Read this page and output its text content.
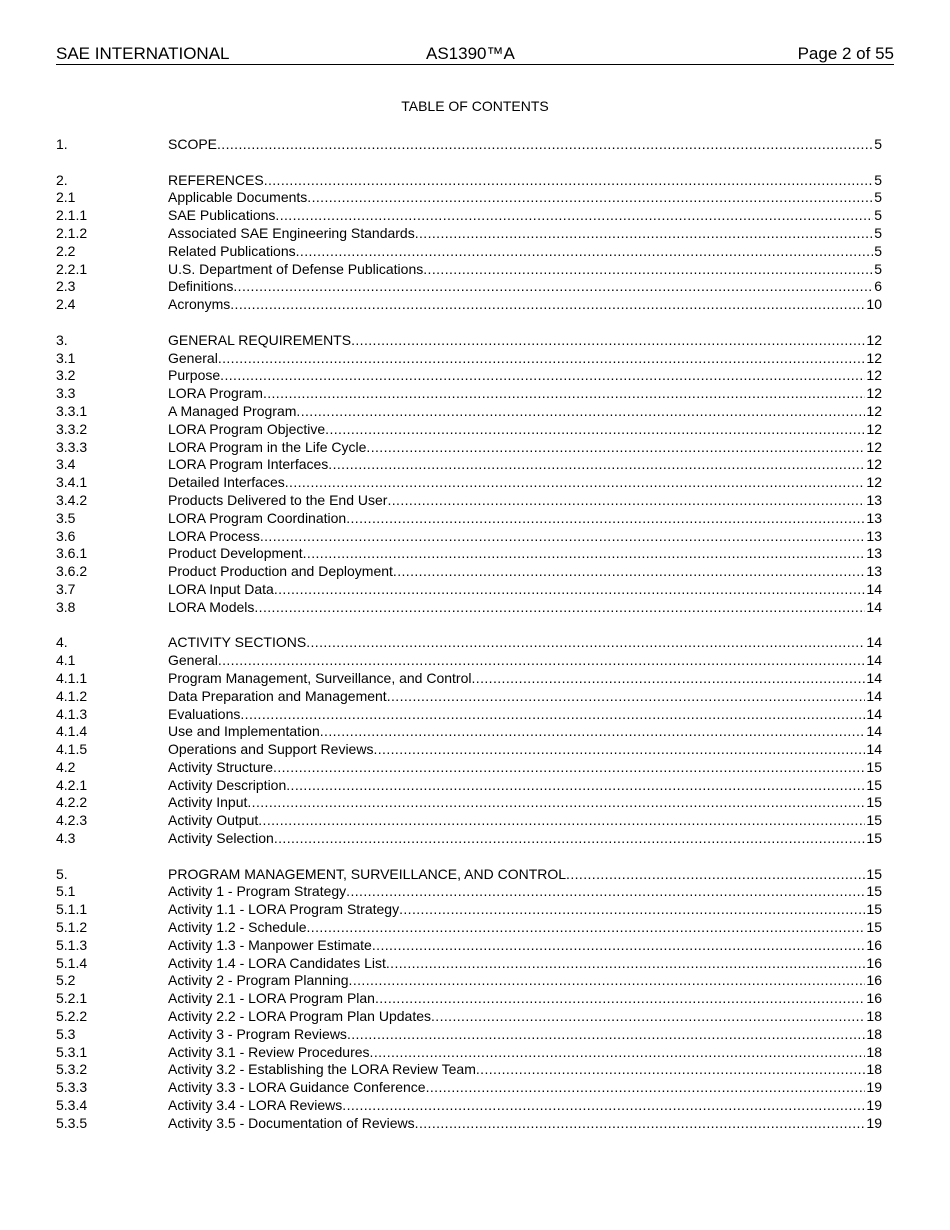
SAE INTERNATIONAL	AS1390™A	Page 2 of 55
TABLE OF CONTENTS
1.	SCOPE .....	5
2.	REFERENCES .....	5
2.1	Applicable Documents .....	5
2.1.1	SAE Publications .....	5
2.1.2	Associated SAE Engineering Standards .....	5
2.2	Related Publications .....	5
2.2.1	U.S. Department of Defense Publications .....	5
2.3	Definitions .....	6
2.4	Acronyms .....	10
3.	GENERAL REQUIREMENTS .....	12
3.1	General .....	12
3.2	Purpose .....	12
3.3	LORA Program .....	12
3.3.1	A Managed Program .....	12
3.3.2	LORA Program Objective .....	12
3.3.3	LORA Program in the Life Cycle .....	12
3.4	LORA Program Interfaces .....	12
3.4.1	Detailed Interfaces .....	12
3.4.2	Products Delivered to the End User .....	13
3.5	LORA Program Coordination .....	13
3.6	LORA Process .....	13
3.6.1	Product Development .....	13
3.6.2	Product Production and Deployment .....	13
3.7	LORA Input Data .....	14
3.8	LORA Models .....	14
4.	ACTIVITY SECTIONS .....	14
4.1	General .....	14
4.1.1	Program Management, Surveillance, and Control .....	14
4.1.2	Data Preparation and Management .....	14
4.1.3	Evaluations .....	14
4.1.4	Use and Implementation .....	14
4.1.5	Operations and Support Reviews .....	14
4.2	Activity Structure .....	15
4.2.1	Activity Description .....	15
4.2.2	Activity Input .....	15
4.2.3	Activity Output .....	15
4.3	Activity Selection .....	15
5.	PROGRAM MANAGEMENT, SURVEILLANCE, AND CONTROL .....	15
5.1	Activity 1 - Program Strategy .....	15
5.1.1	Activity 1.1 - LORA Program Strategy .....	15
5.1.2	Activity 1.2 - Schedule .....	15
5.1.3	Activity 1.3 - Manpower Estimate .....	16
5.1.4	Activity 1.4 - LORA Candidates List .....	16
5.2	Activity 2 - Program Planning .....	16
5.2.1	Activity 2.1 - LORA Program Plan .....	16
5.2.2	Activity 2.2 - LORA Program Plan Updates .....	18
5.3	Activity 3 - Program Reviews .....	18
5.3.1	Activity 3.1 - Review Procedures .....	18
5.3.2	Activity 3.2 - Establishing the LORA Review Team .....	18
5.3.3	Activity 3.3 - LORA Guidance Conference .....	19
5.3.4	Activity 3.4 - LORA Reviews .....	19
5.3.5	Activity 3.5 - Documentation of Reviews .....	19
